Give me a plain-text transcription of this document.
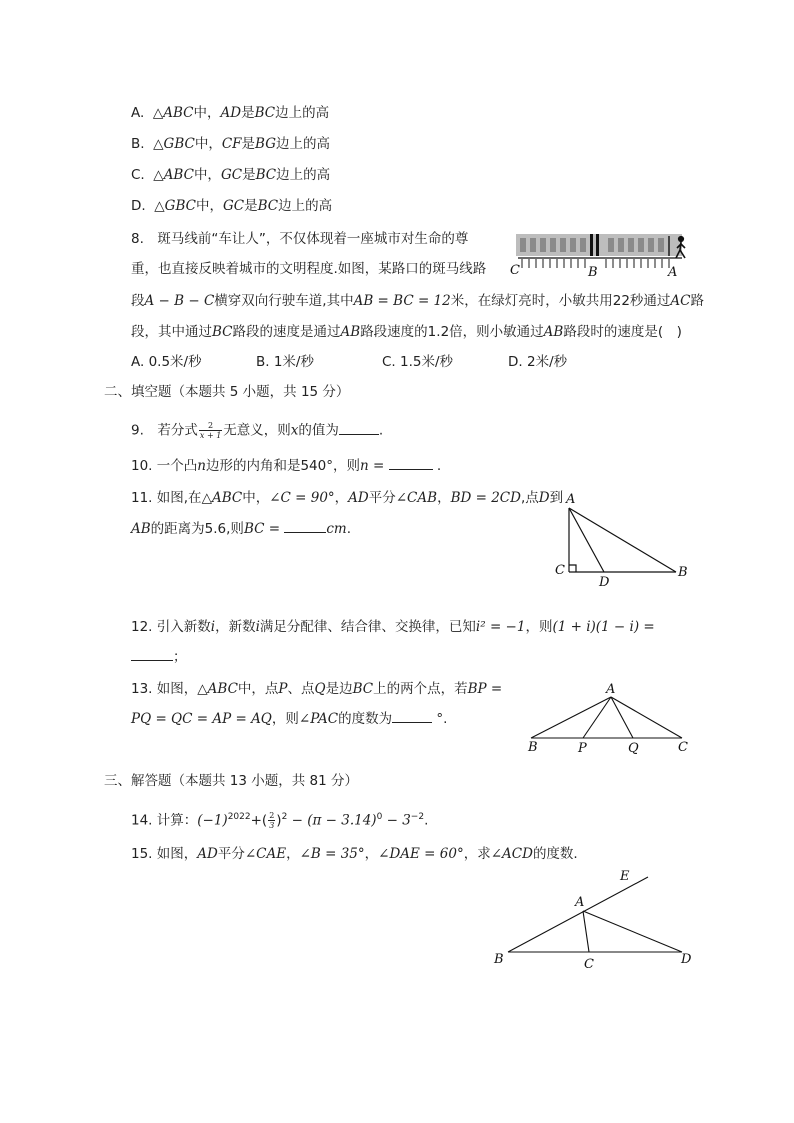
A.  △ABC中，AD是BC边上的高
B.  △GBC中，CF是BG边上的高
C.  △ABC中，GC是BC边上的高
D.  △GBC中，GC是BC边上的高
8.　斑马线前“车让人”，不仅体现着一座城市对生命的尊
重，也直接反映着城市的文明程度.如图，某路口的斑马线路
段A − B − C横穿双向行驶车道,其中AB = BC = 12米，在绿灯亮时，小敏共用22秒通过AC路
段，其中通过BC路段的速度是通过AB路段速度的1.2倍，则小敏通过AB路段时的速度是(　)
A. 0.5米/秒	B. 1米/秒	C. 1.5米/秒	D. 2米/秒
C	B	A
二、填空题（本题共 5 小题，共 15 分）
9.　若分式 $\frac{2}{x + 1}$ 无意义，则x的值为	.
10. 一个凸n边形的内角和是540°，则n =	.
11. 如图,在△ABC中，∠C = 90°，AD平分∠CAB，BD = 2CD,点D到
AB的距离为5.6,则BC =	cm.
A
C
D
B
12. 引入新数i，新数i满足分配律、结合律、交换律，已知i² = −1，则(1 + i)(1 − i) =
；
13. 如图，△ABC中，点P、点Q是边BC上的两个点，若BP =
PQ = QC = AP = AQ，则∠PAC的度数为	°.
A
B	P	Q	C
三、解答题（本题共 13 小题，共 81 分）
14. 计算：$(-1)^{2022}+( \frac{2}{3} )^2 - (\pi - 3.14)^0 - 3^{-2}$.
15. 如图，AD平分∠CAE，∠B = 35°，∠DAE = 60°，求∠ACD的度数.
E
A
B	C	D
